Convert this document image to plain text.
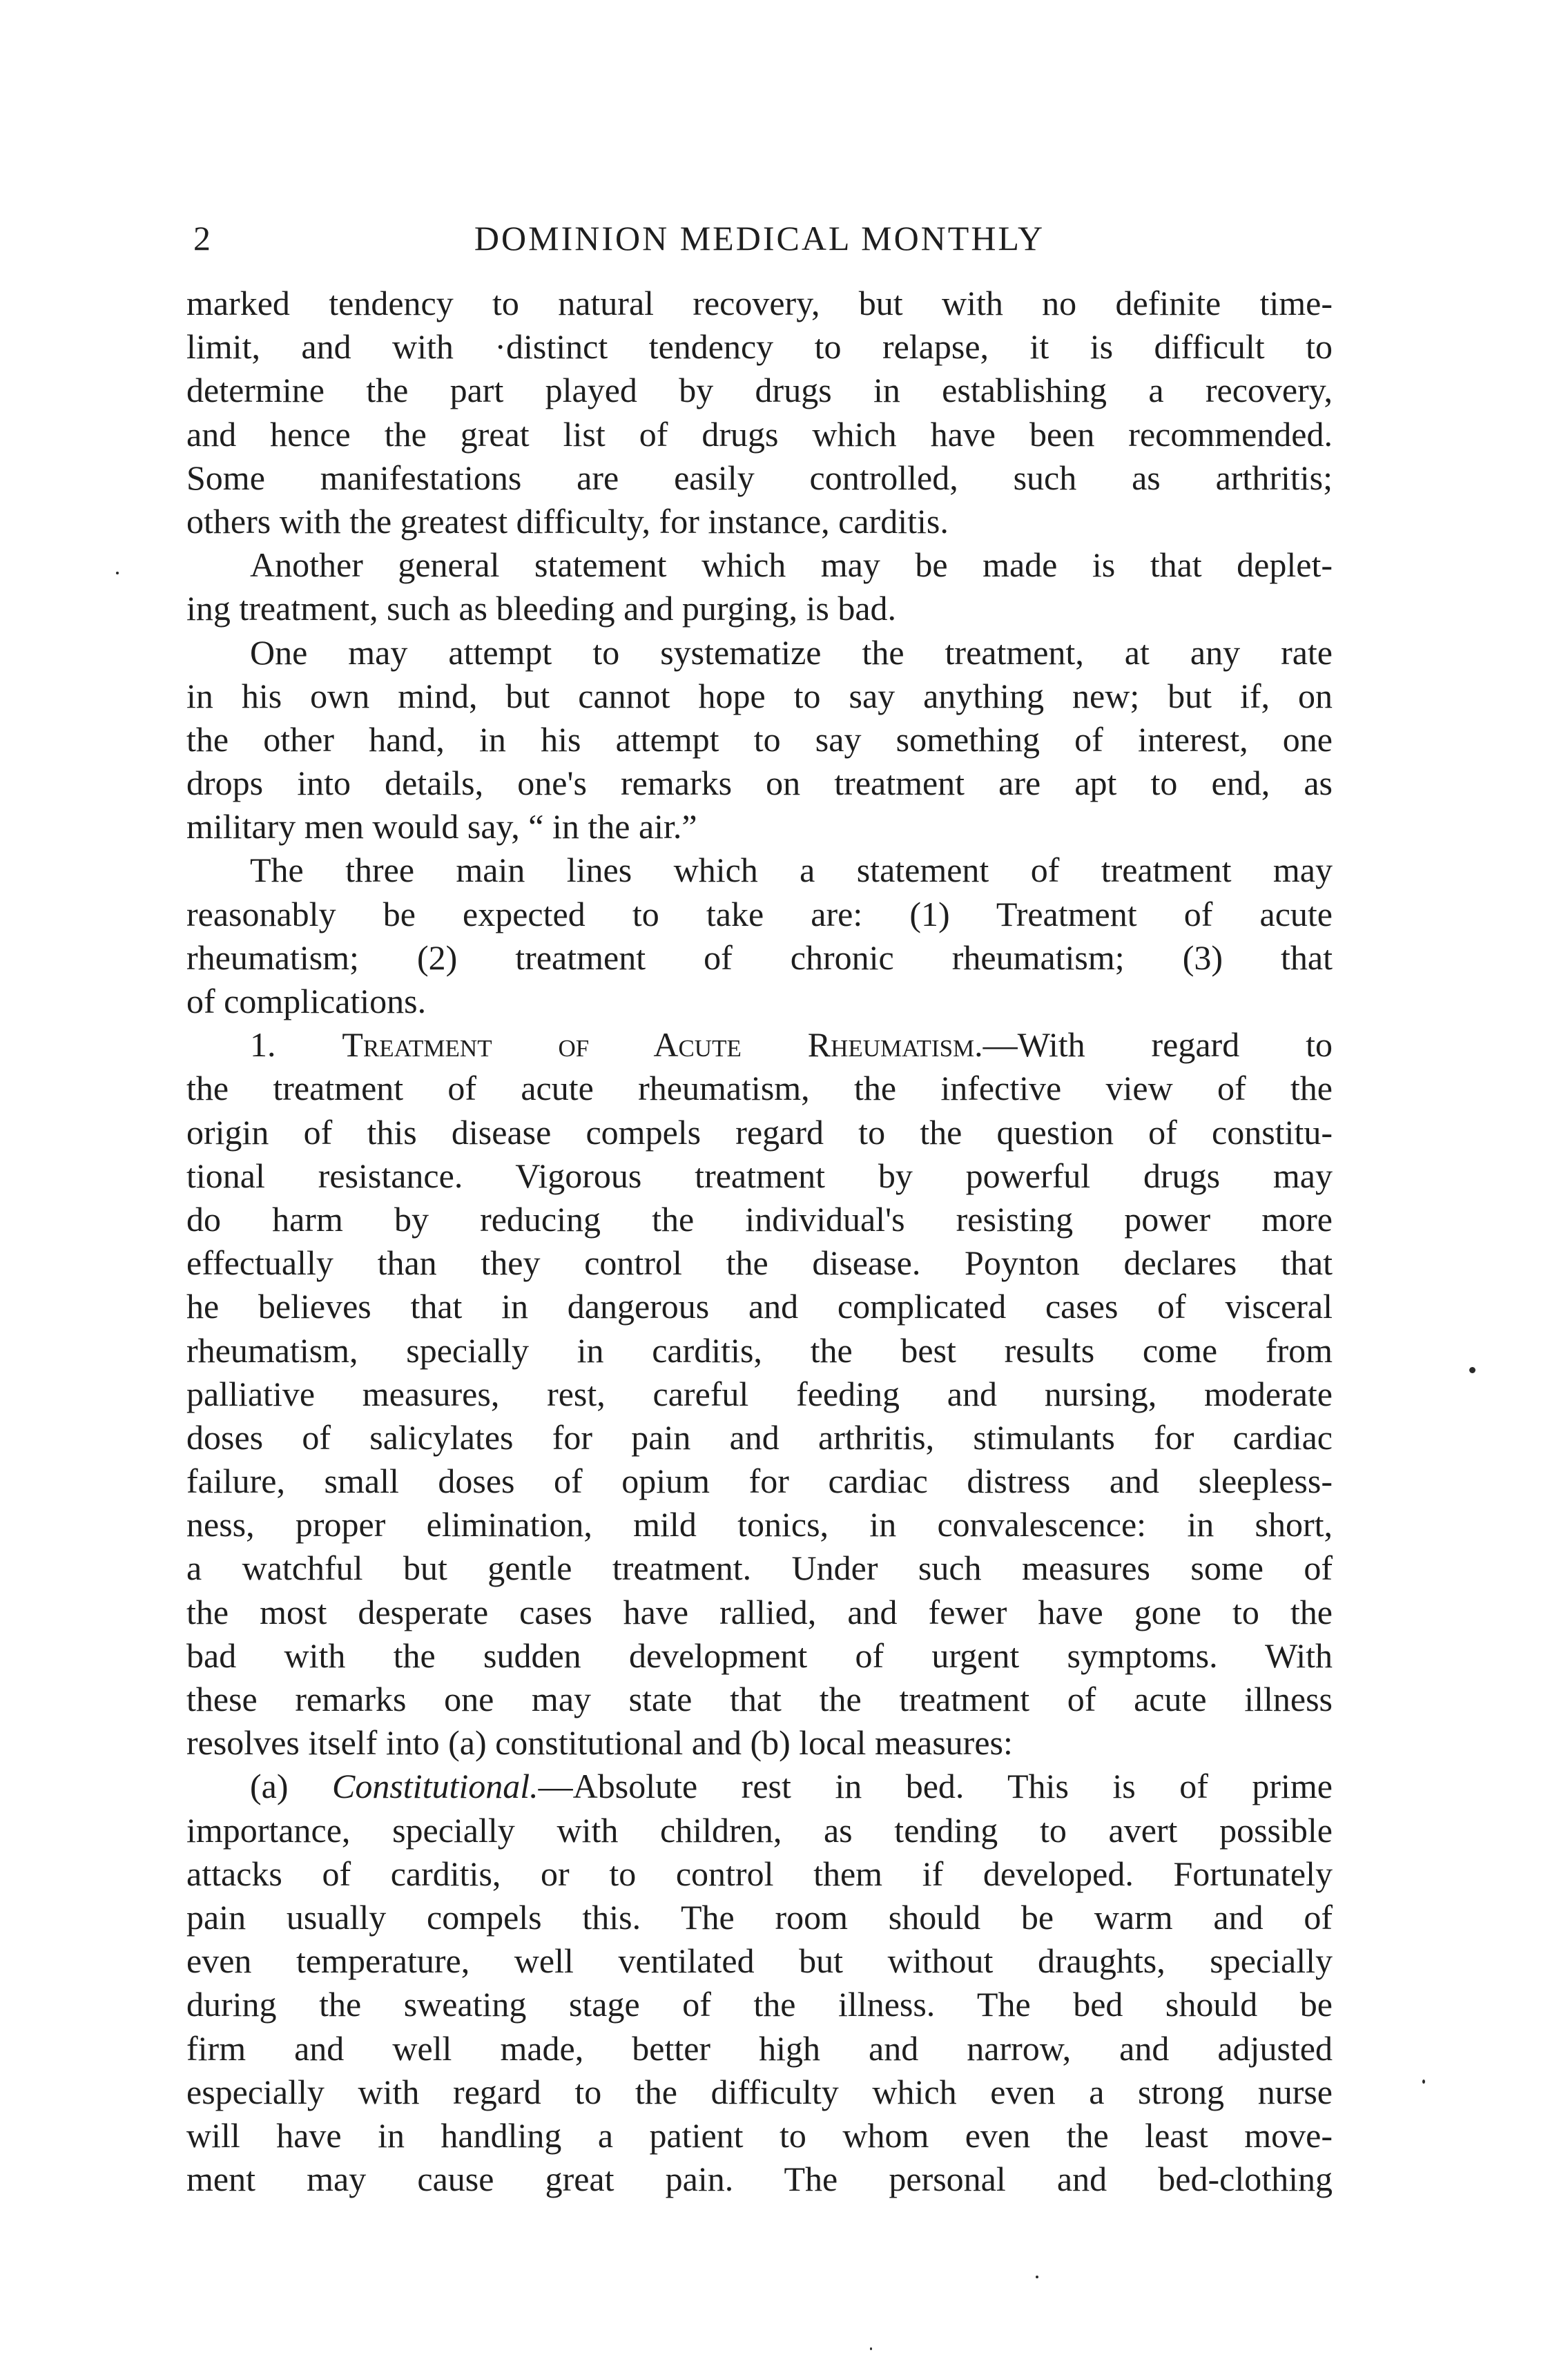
2	DOMINION MEDICAL MONTHLY
marked tendency to natural recovery, but with no definite time-
limit, and with ·distinct tendency to relapse, it is difficult to
determine the part played by drugs in establishing a recovery,
and hence the great list of drugs which have been recommended.
Some manifestations are easily controlled, such as arthritis;
others with the greatest difficulty, for instance, carditis.
Another general statement which may be made is that deplet-
ing treatment, such as bleeding and purging, is bad.
One may attempt to systematize the treatment, at any rate
in his own mind, but cannot hope to say anything new; but if, on
the other hand, in his attempt to say something of interest, one
drops into details, one's remarks on treatment are apt to end, as
military men would say, “ in the air.”
The three main lines which a statement of treatment may
reasonably be expected to take are: (1) Treatment of acute
rheumatism; (2) treatment of chronic rheumatism; (3) that
of complications.
1. Treatment of Acute Rheumatism.—With regard to
the treatment of acute rheumatism, the infective view of the
origin of this disease compels regard to the question of constitu-
tional resistance. Vigorous treatment by powerful drugs may
do harm by reducing the individual's resisting power more
effectually than they control the disease. Poynton declares that
he believes that in dangerous and complicated cases of visceral
rheumatism, specially in carditis, the best results come from
palliative measures, rest, careful feeding and nursing, moderate
doses of salicylates for pain and arthritis, stimulants for cardiac
failure, small doses of opium for cardiac distress and sleepless-
ness, proper elimination, mild tonics, in convalescence: in short,
a watchful but gentle treatment. Under such measures some of
the most desperate cases have rallied, and fewer have gone to the
bad with the sudden development of urgent symptoms. With
these remarks one may state that the treatment of acute illness
resolves itself into (a) constitutional and (b) local measures:
(a) Constitutional.—Absolute rest in bed. This is of prime
importance, specially with children, as tending to avert possible
attacks of carditis, or to control them if developed. Fortunately
pain usually compels this. The room should be warm and of
even temperature, well ventilated but without draughts, specially
during the sweating stage of the illness. The bed should be
firm and well made, better high and narrow, and adjusted
especially with regard to the difficulty which even a strong nurse
will have in handling a patient to whom even the least move-
ment may cause great pain. The personal and bed-clothing
